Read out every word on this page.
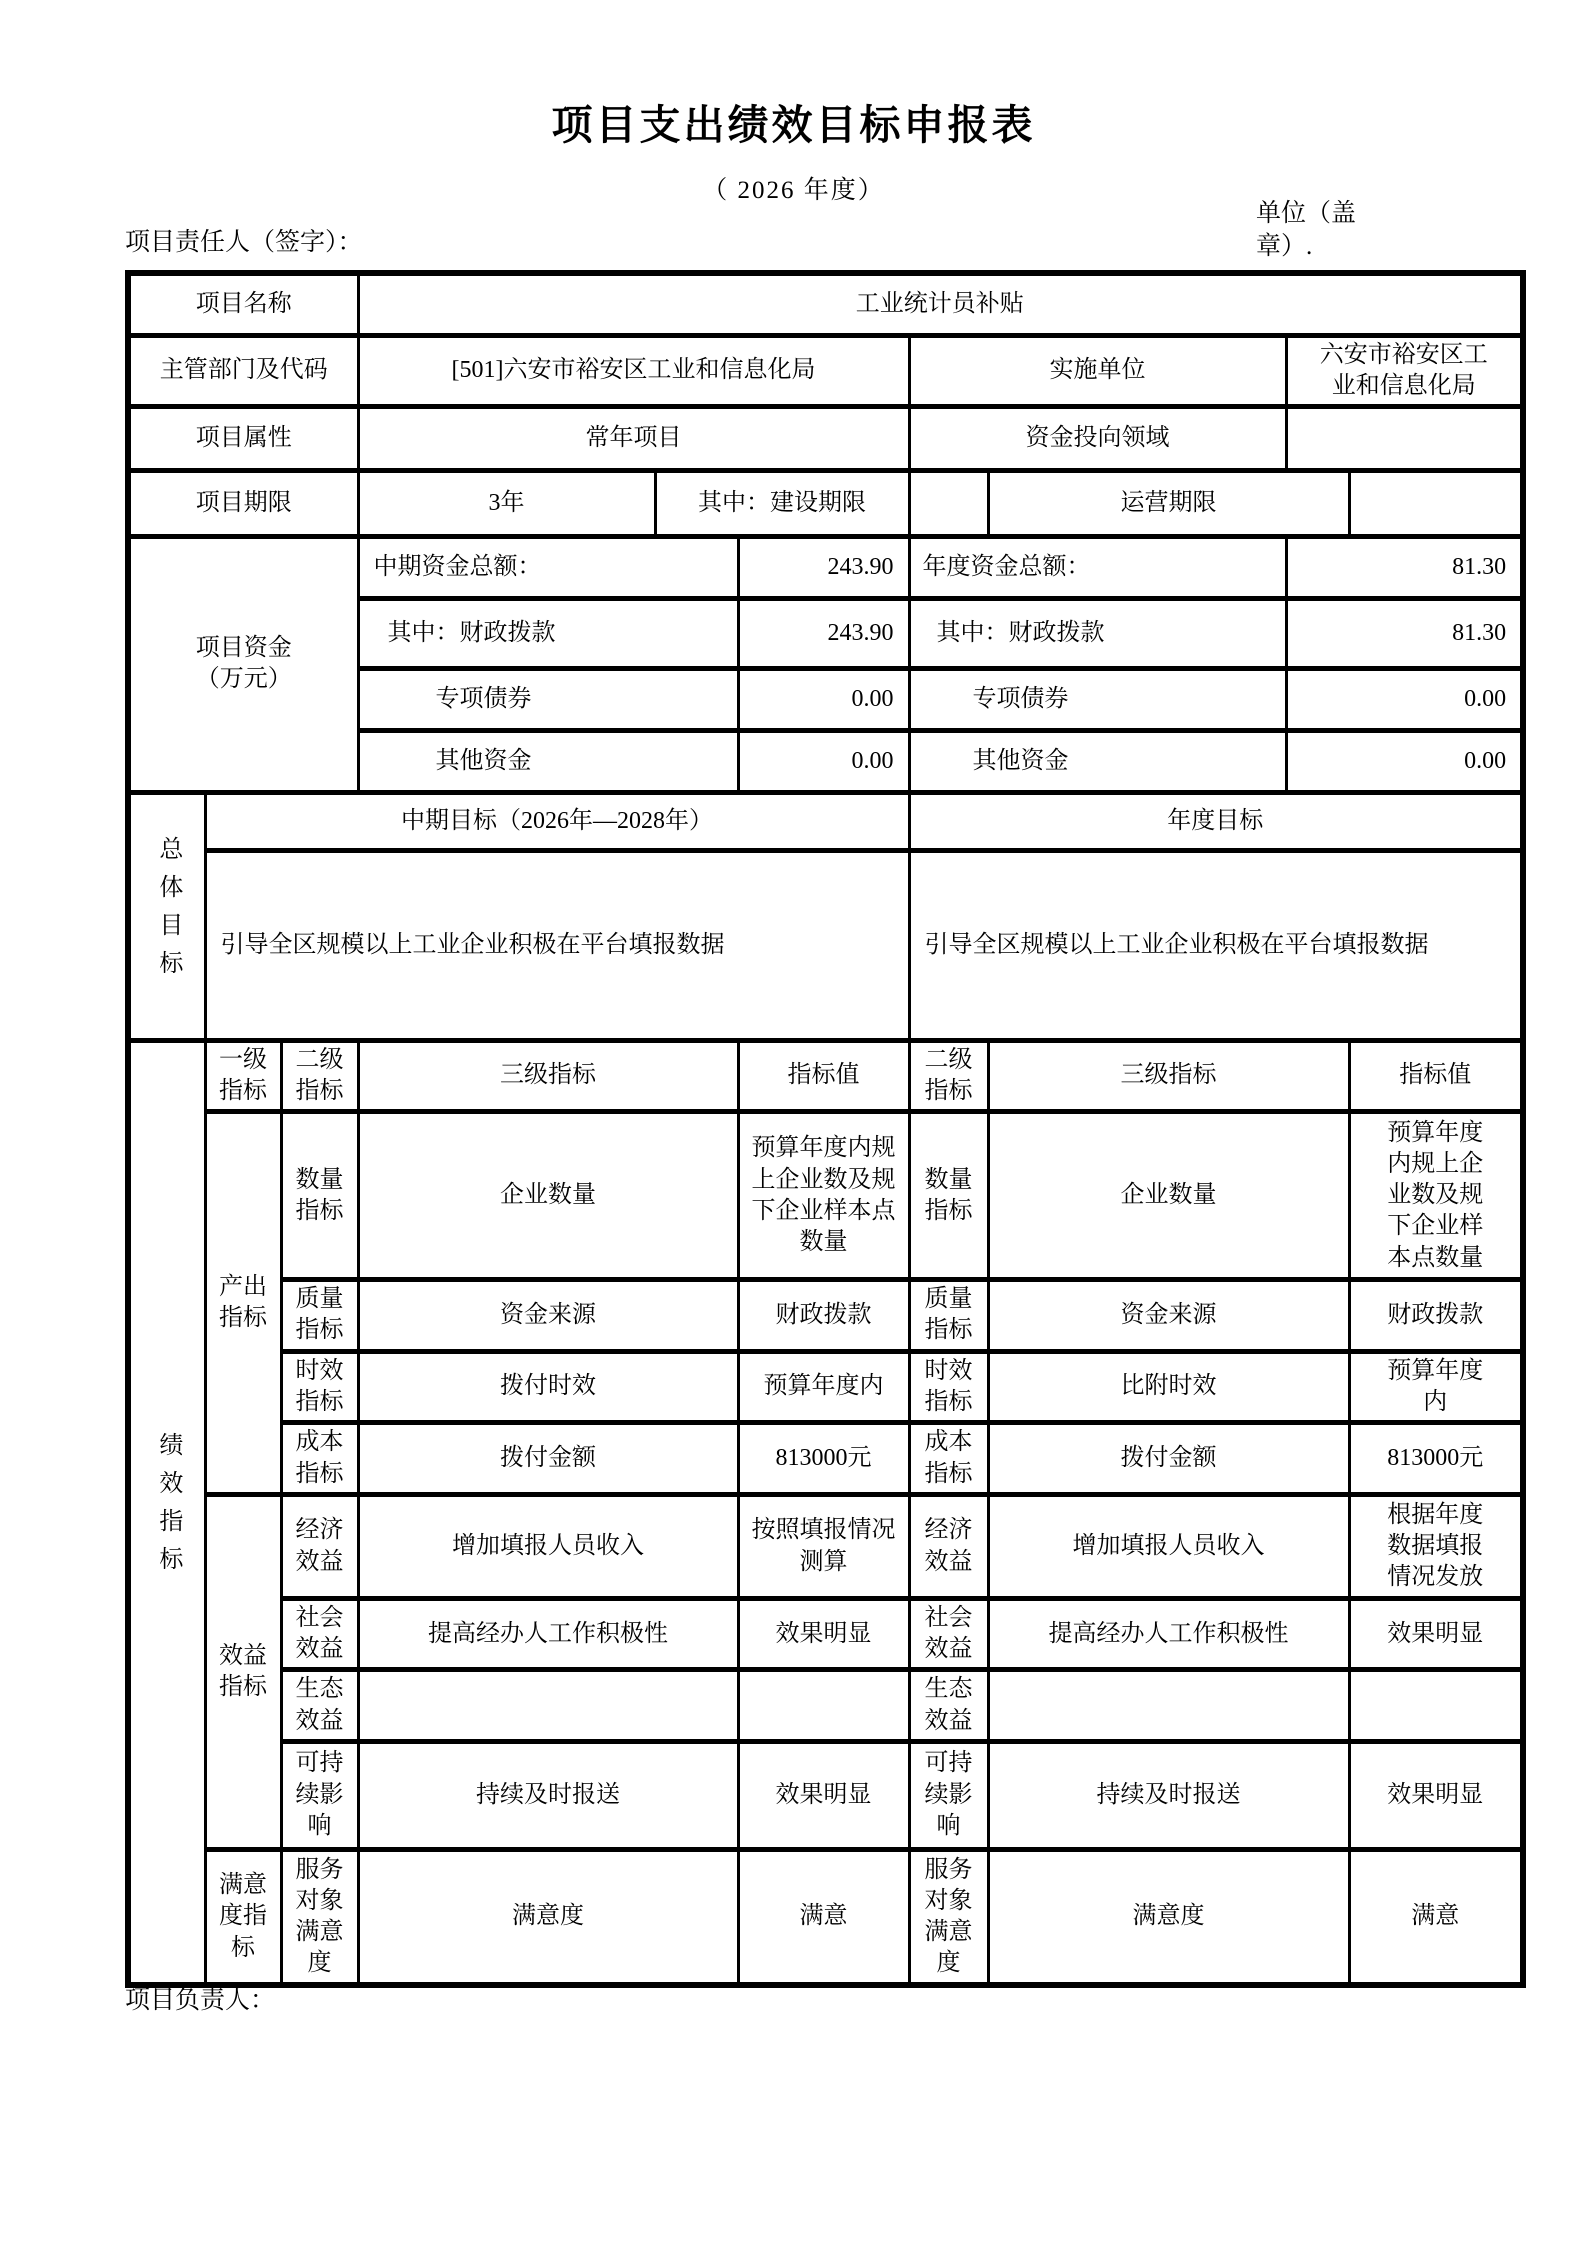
项目支出绩效目标申报表
（ 2026 年度）
项目责任人（签字）：
单位（盖章）.
项目名称			工业统计员补贴						
主管部门及代码			[501]六安市裕安区工业和信息化局			实施单位		六安市裕安区工业和信息化局	
项目属性			常年项目			资金投向领域			
项目期限			3年	其中：建设期限			运营期限		
项目资金（万元）			中期资金总额：		243.90	年度资金总额：		81.30	
			其中：财政拨款		243.90	其中：财政拨款		81.30	
			专项债券		0.00	专项债券		0.00	
			其他资金		0.00	其他资金		0.00	
总体目标	中期目标（2026年—2028年）					年度目标			
	引导全区规模以上工业企业积极在平台填报数据					引导全区规模以上工业企业积极在平台填报数据			
绩效指标	一级指标	二级指标	三级指标		指标值	二级指标	三级指标		指标值
	产出指标	数量指标	企业数量		预算年度内规上企业数及规下企业样本点数量	数量指标	企业数量		预算年度内规上企业数及规下企业样本点数量
		质量指标	资金来源		财政拨款	质量指标	资金来源		财政拨款
		时效指标	拨付时效		预算年度内	时效指标	比附时效		预算年度内
		成本指标	拨付金额		813000元	成本指标	拨付金额		813000元
	效益指标	经济效益	增加填报人员收入		按照填报情况测算	经济效益	增加填报人员收入		根据年度数据填报情况发放
		社会效益	提高经办人工作积极性		效果明显	社会效益	提高经办人工作积极性		效果明显
		生态效益				生态效益			
		可持续影响	持续及时报送		效果明显	可持续影响	持续及时报送		效果明显
	满意度指标	服务对象满意度	满意度		满意	服务对象满意度	满意度		满意
项目负责人：
